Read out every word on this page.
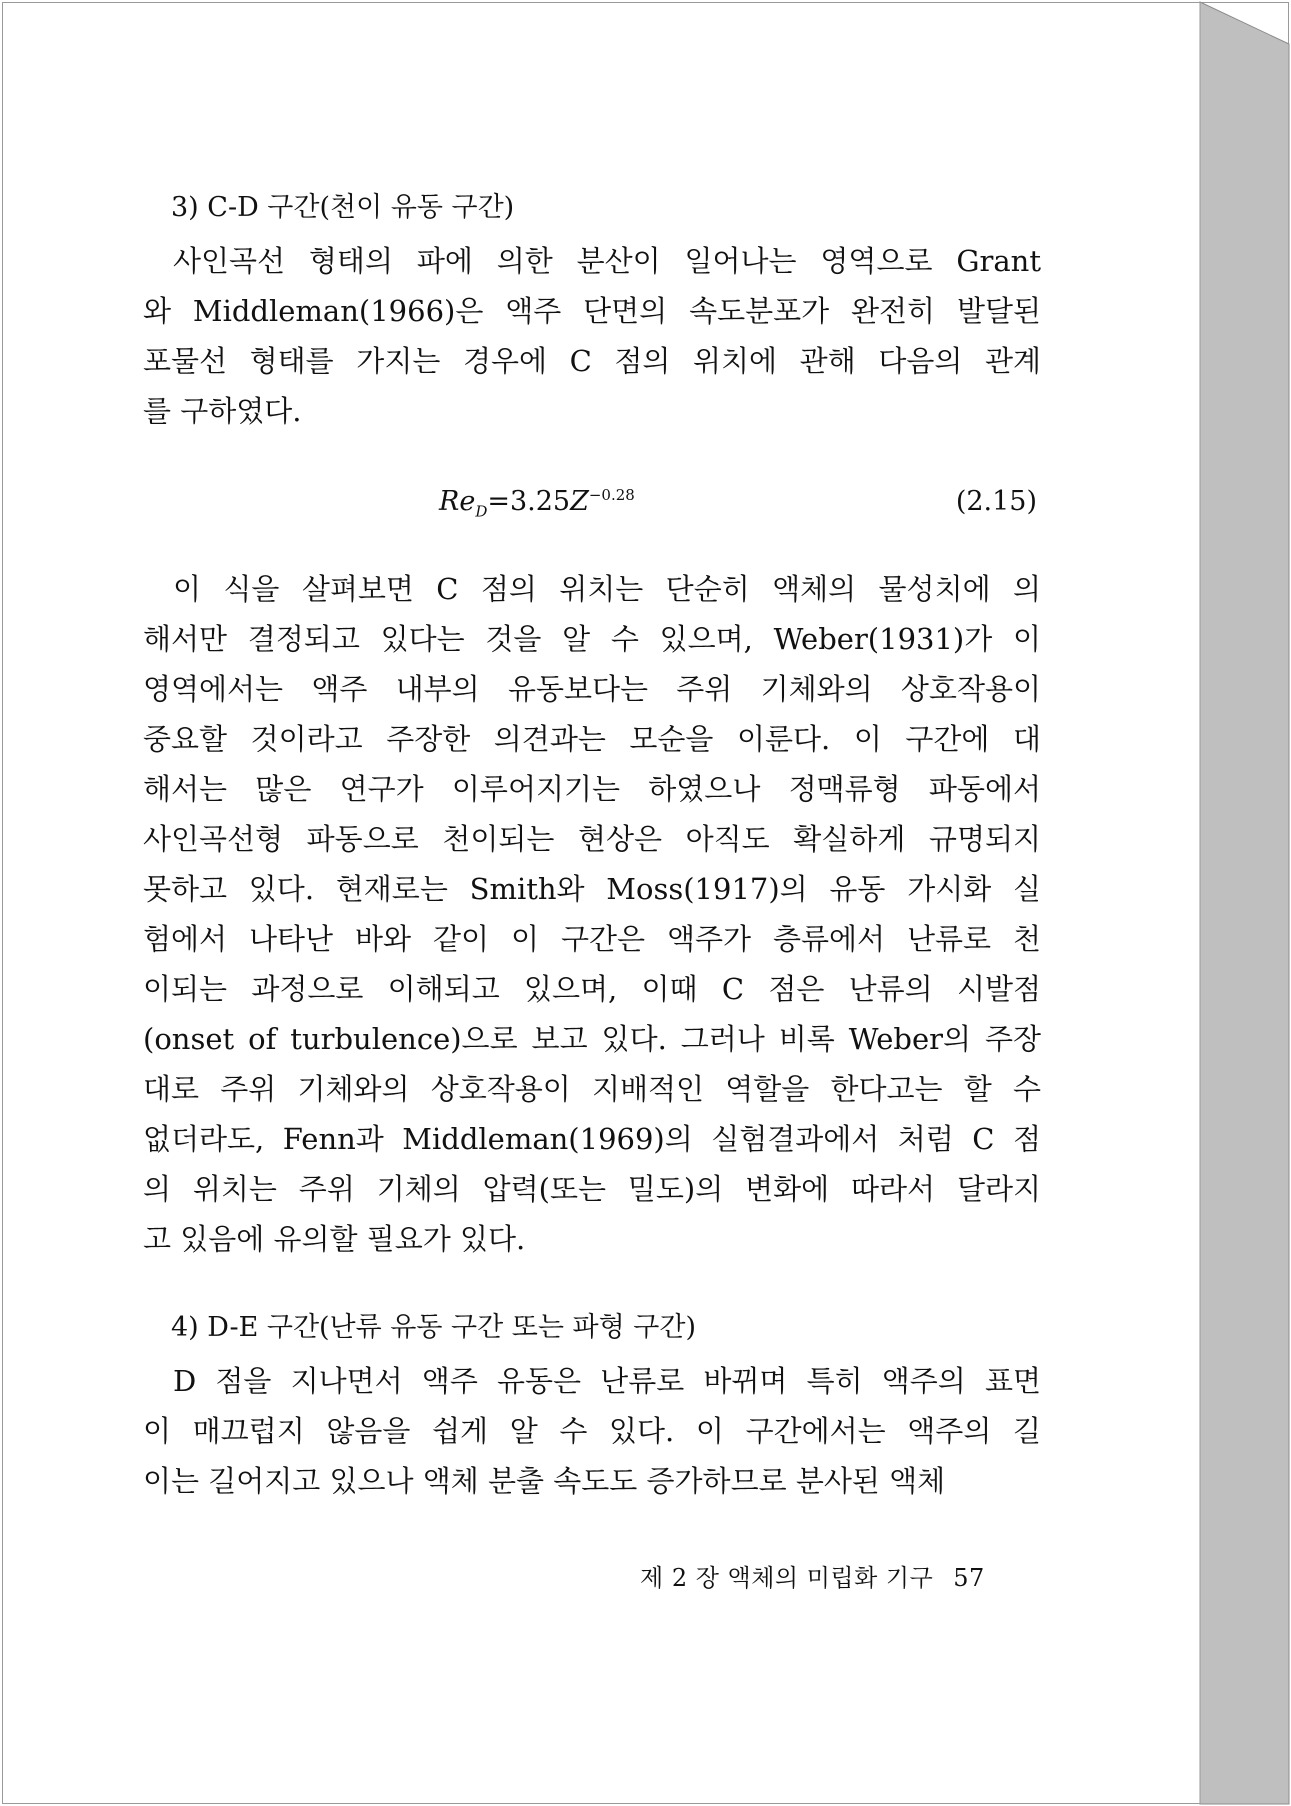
3) C-D 구간(천이 유동 구간)

사인곡선 형태의 파에 의한 분산이 일어나는 영역으로 Grant
와 Middleman(1966)은 액주 단면의 속도분포가 완전히 발달된
포물선 형태를 가지는 경우에 C 점의 위치에 관해 다음의 관계
를 구하였다.

$Re_D=3.25Z^{-0.28}$	(2.15)

이 식을 살펴보면 C 점의 위치는 단순히 액체의 물성치에 의
해서만 결정되고 있다는 것을 알 수 있으며, Weber(1931)가 이
영역에서는 액주 내부의 유동보다는 주위 기체와의 상호작용이
중요할 것이라고 주장한 의견과는 모순을 이룬다. 이 구간에 대
해서는 많은 연구가 이루어지기는 하였으나 정맥류형 파동에서
사인곡선형 파동으로 천이되는 현상은 아직도 확실하게 규명되지
못하고 있다. 현재로는 Smith와 Moss(1917)의 유동 가시화 실
험에서 나타난 바와 같이 이 구간은 액주가 층류에서 난류로 천
이되는 과정으로 이해되고 있으며, 이때 C 점은 난류의 시발점
(onset of turbulence)으로 보고 있다. 그러나 비록 Weber의 주장
대로 주위 기체와의 상호작용이 지배적인 역할을 한다고는 할 수
없더라도, Fenn과 Middleman(1969)의 실험결과에서 처럼 C 점
의 위치는 주위 기체의 압력(또는 밀도)의 변화에 따라서 달라지
고 있음에 유의할 필요가 있다.

4) D-E 구간(난류 유동 구간 또는 파형 구간)

D 점을 지나면서 액주 유동은 난류로 바뀌며 특히 액주의 표면
이 매끄럽지 않음을 쉽게 알 수 있다. 이 구간에서는 액주의 길
이는 길어지고 있으나 액체 분출 속도도 증가하므로 분사된 액체

제 2 장 액체의 미립화 기구 57
